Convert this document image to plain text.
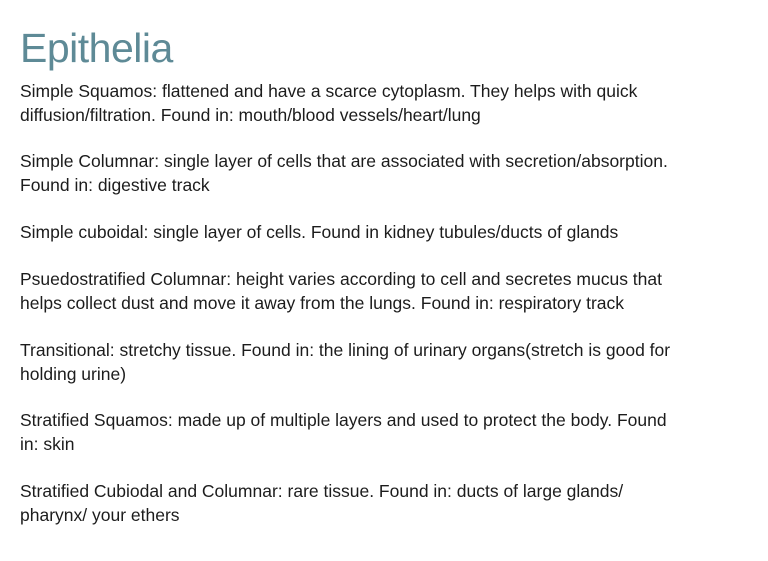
Epithelia

Simple Squamos: flattened and have a scarce cytoplasm. They helps with quick
diffusion/filtration. Found in: mouth/blood vessels/heart/lung

Simple Columnar: single layer of cells that are associated with secretion/absorption.
Found in: digestive track

Simple cuboidal: single layer of cells. Found in kidney tubules/ducts of glands

Psuedostratified Columnar: height varies according to cell and secretes mucus that
helps collect dust and move it away from the lungs. Found in: respiratory track

Transitional: stretchy tissue. Found in: the lining of urinary organs(stretch is good for
holding urine)

Stratified Squamos: made up of multiple layers and used to protect the body. Found
in: skin

Stratified Cubiodal and Columnar: rare tissue. Found in: ducts of large glands/
pharynx/ your ethers
